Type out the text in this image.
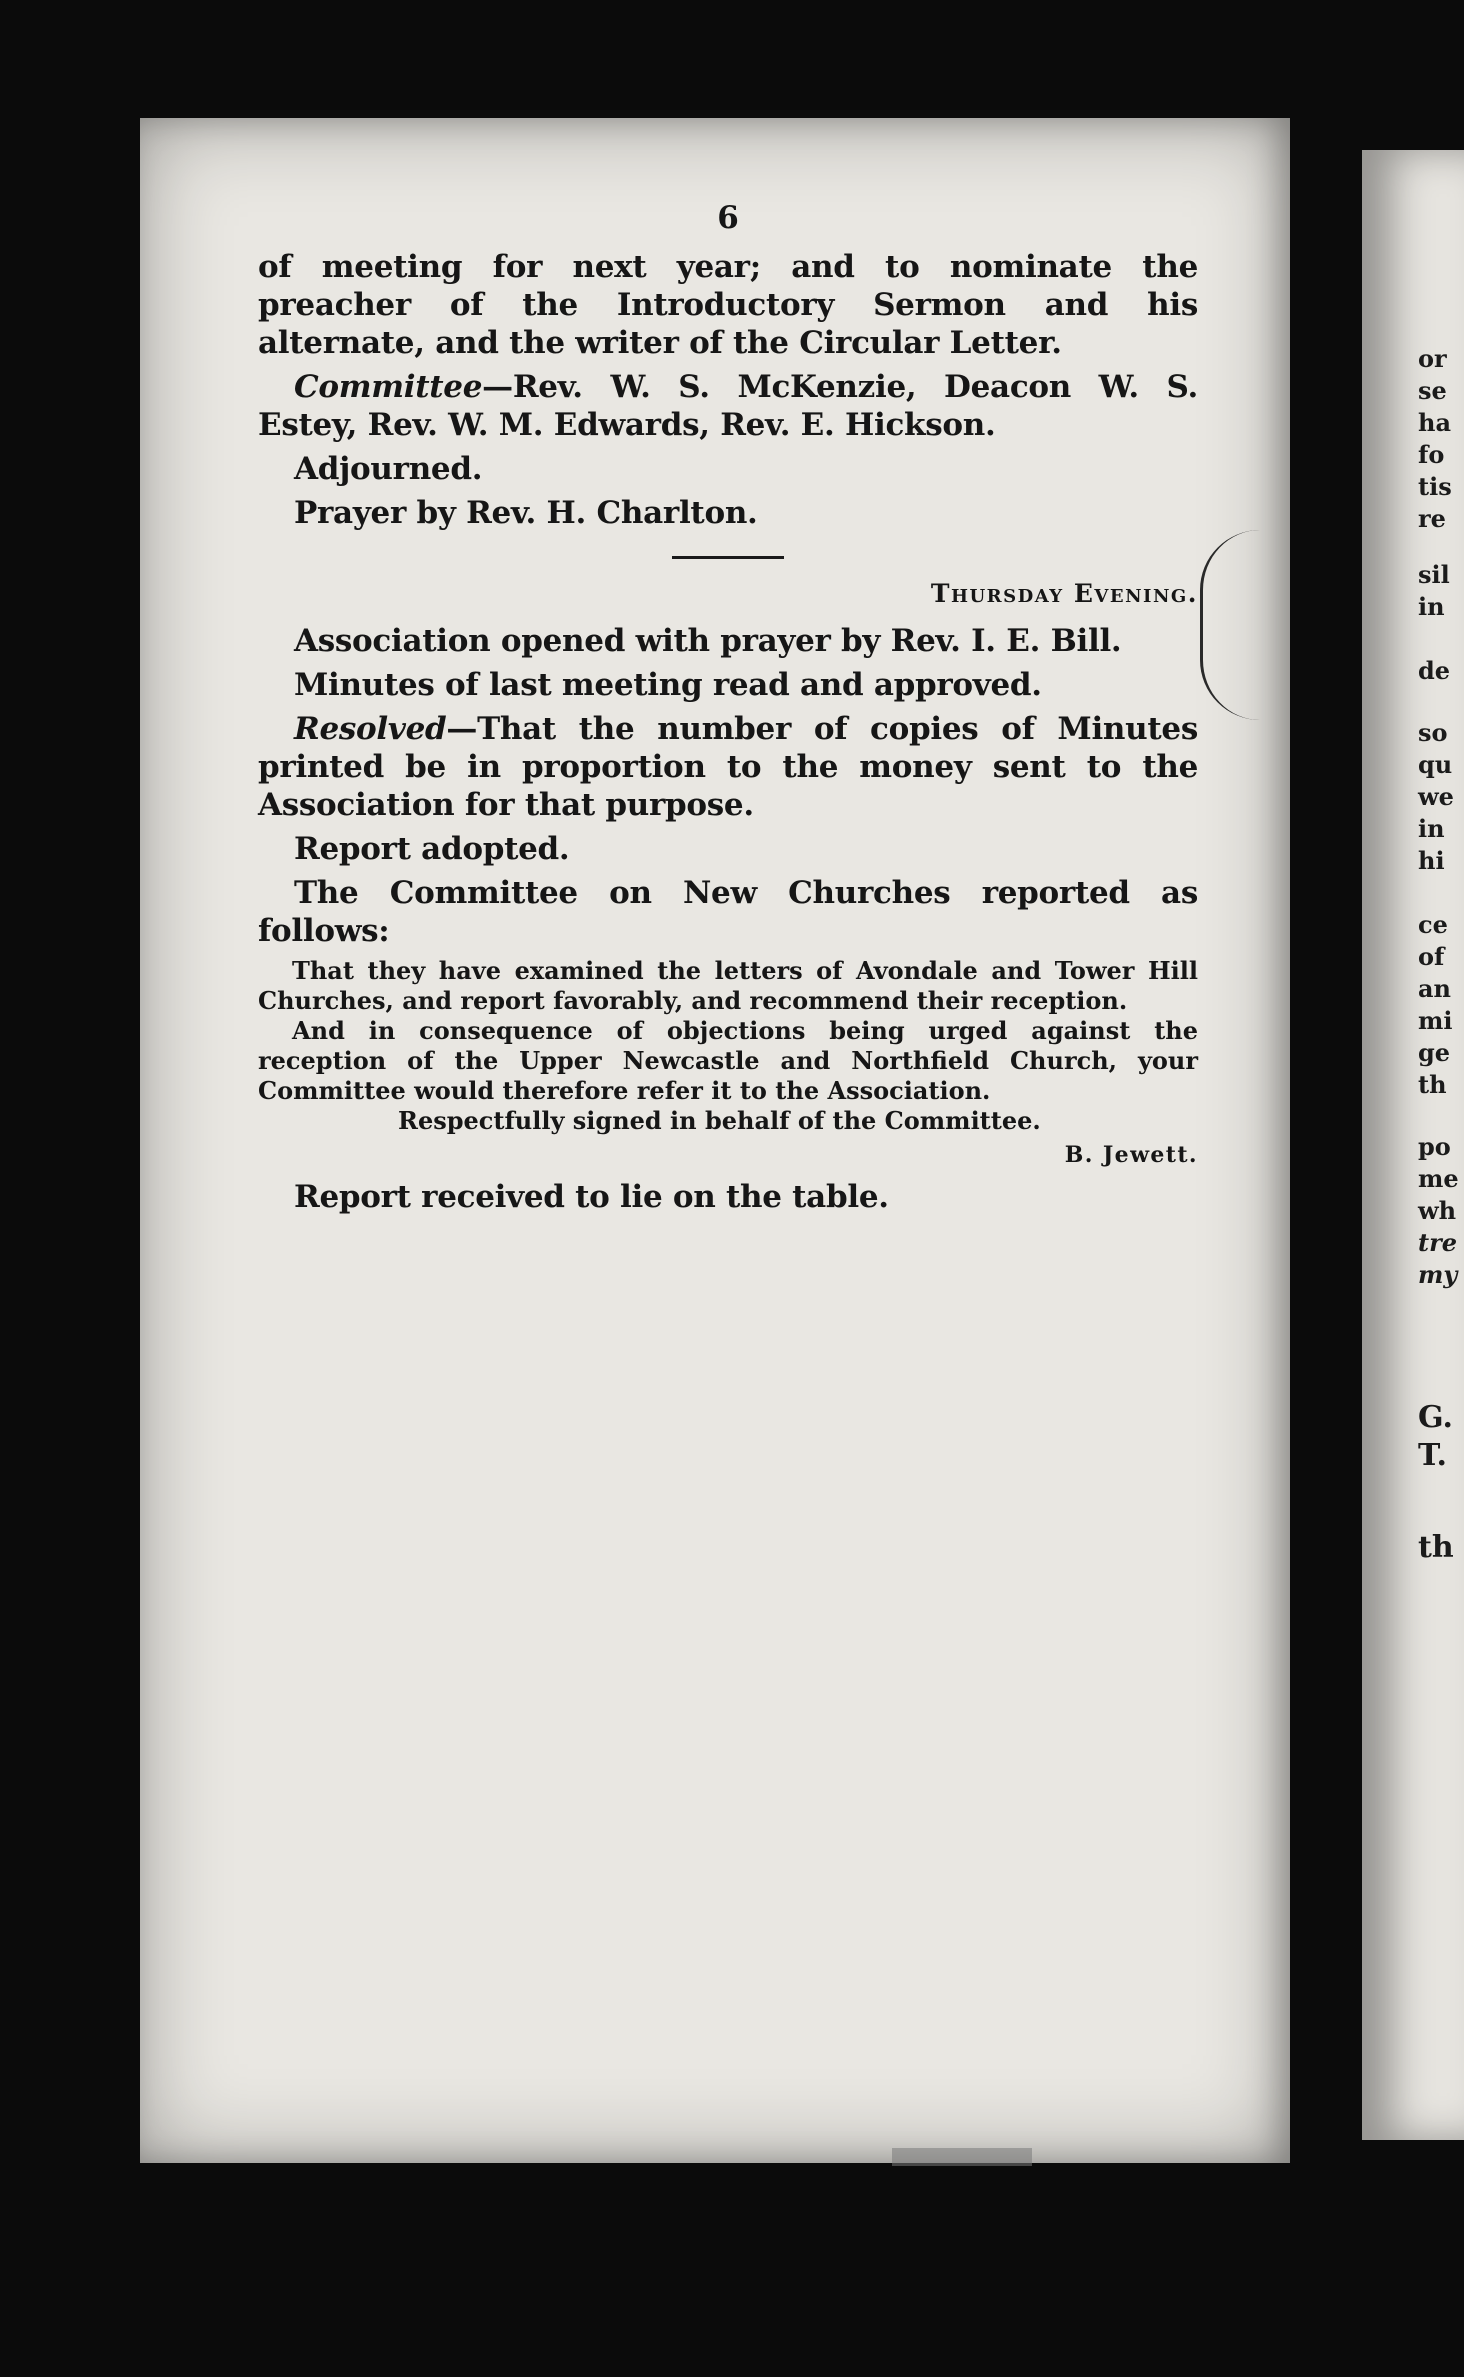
6

of meeting for next year; and to nominate the preacher of the Introductory Sermon and his alternate, and the writer of the Circular Letter.

Committee—Rev. W. S. McKenzie, Deacon W. S. Estey, Rev. W. M. Edwards, Rev. E. Hickson.

Adjourned.

Prayer by Rev. H. Charlton.

Thursday Evening.

Association opened with prayer by Rev. I. E. Bill.

Minutes of last meeting read and approved.

Resolved—That the number of copies of Minutes printed be in proportion to the money sent to the Association for that purpose.

Report adopted.

The Committee on New Churches reported as follows:

That they have examined the letters of Avondale and Tower Hill Churches, and report favorably, and recommend their reception.

And in consequence of objections being urged against the reception of the Upper Newcastle and Northfield Church, your Committee would therefore refer it to the Association.

Respectfully signed in behalf of the Committee.

B. Jewett.

Report received to lie on the table.

or
se
ha
fo
tis
re
sil
in
de
so
qu
we
in
hi
ce
of
an
mi
ge
th
po
me
wh
tre
my
G.
T.
th
